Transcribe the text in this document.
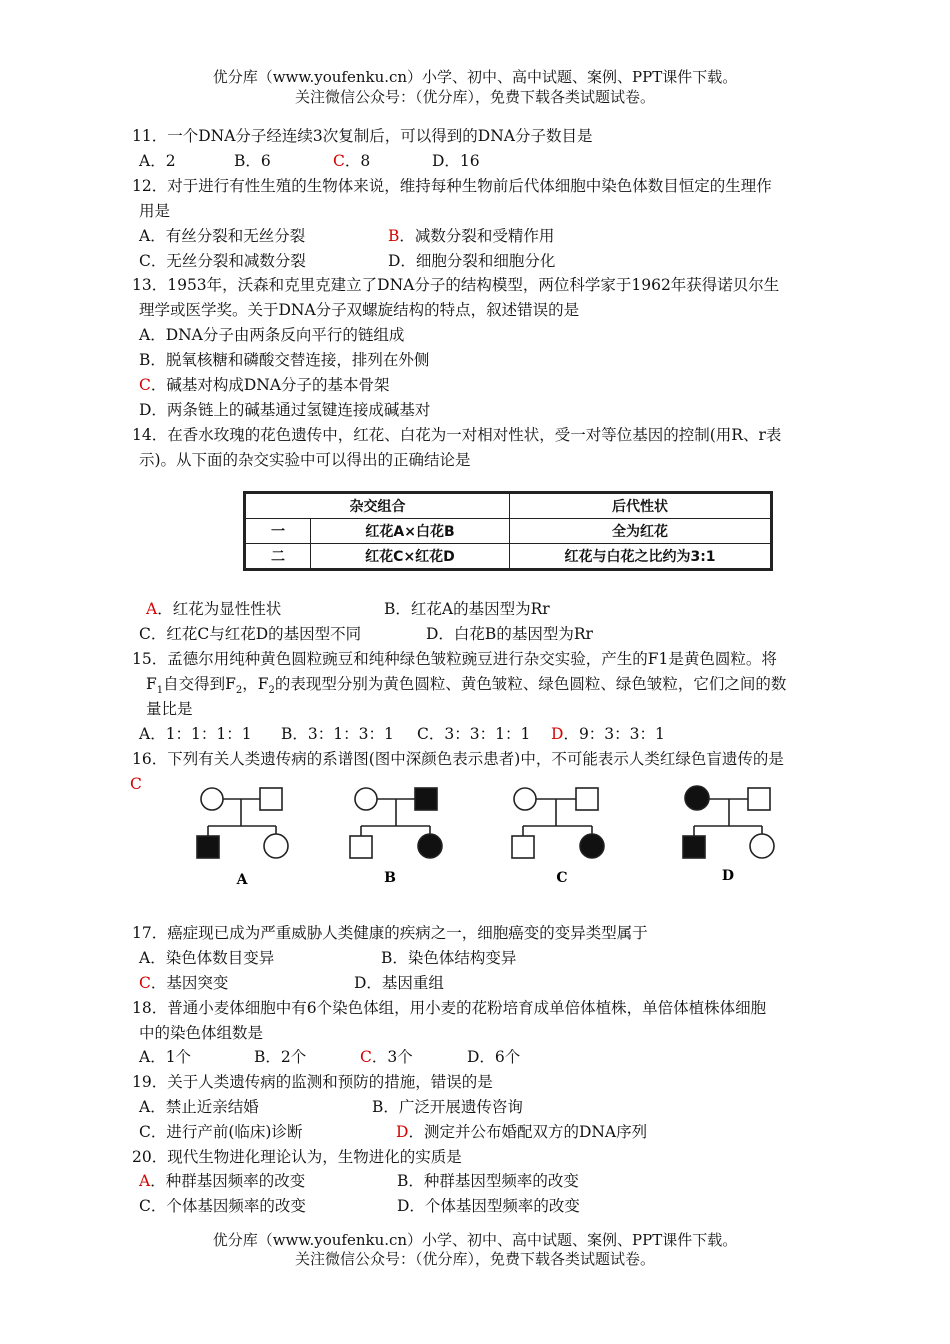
优分库（www.youfenku.cn）小学、初中、高中试题、案例、PPT课件下载。
关注微信公众号：（优分库），免费下载各类试题试卷。
11．一个DNA分子经连续3次复制后，可以得到的DNA分子数目是
A．2	B．6	C．8	D．16
12．对于进行有性生殖的生物体来说，维持每种生物前后代体细胞中染色体数目恒定的生理作
用是
A．有丝分裂和无丝分裂	B．减数分裂和受精作用
C．无丝分裂和减数分裂	D．细胞分裂和细胞分化
13．1953年，沃森和克里克建立了DNA分子的结构模型，两位科学家于1962年获得诺贝尔生
理学或医学奖。关于DNA分子双螺旋结构的特点，叙述错误的是
A．DNA分子由两条反向平行的链组成
B．脱氧核糖和磷酸交替连接，排列在外侧
C．碱基对构成DNA分子的基本骨架
D．两条链上的碱基通过氢键连接成碱基对
14．在香水玫瑰的花色遗传中，红花、白花为一对相对性状，受一对等位基因的控制(用R、r表
示)。从下面的杂交实验中可以得出的正确结论是
杂交组合		后代性状
一	红花A×白花B	全为红花
二	红花C×红花D	红花与白花之比约为3:1
A．红花为显性性状	B．红花A的基因型为Rr
C．红花C与红花D的基因型不同	D．白花B的基因型为Rr
15．孟德尔用纯种黄色圆粒豌豆和纯种绿色皱粒豌豆进行杂交实验，产生的F1是黄色圆粒。将
$F_1$自交得到$F_2$，$F_2$的表现型分别为黄色圆粒、黄色皱粒、绿色圆粒、绿色皱粒，它们之间的数
量比是
A．1：1：1：1 B．3：1：3：1 C．3：3：1：1 D．9：3：3：1
16．下列有关人类遗传病的系谱图(图中深颜色表示患者)中，不可能表示人类红绿色盲遗传的是
C
A	B	C	D
17．癌症现已成为严重威胁人类健康的疾病之一，细胞癌变的变异类型属于
A．染色体数目变异	B．染色体结构变异
C．基因突变	D．基因重组
18．普通小麦体细胞中有6个染色体组，用小麦的花粉培育成单倍体植株，单倍体植株体细胞
中的染色体组数是
A．1个	B．2个	C．3个	D．6个
19．关于人类遗传病的监测和预防的措施，错误的是
A．禁止近亲结婚	B．广泛开展遗传咨询
C．进行产前(临床)诊断	D．测定并公布婚配双方的DNA序列
20．现代生物进化理论认为，生物进化的实质是
A．种群基因频率的改变	B．种群基因型频率的改变
C．个体基因频率的改变	D．个体基因型频率的改变
优分库（www.youfenku.cn）小学、初中、高中试题、案例、PPT课件下载。
关注微信公众号：（优分库），免费下载各类试题试卷。
